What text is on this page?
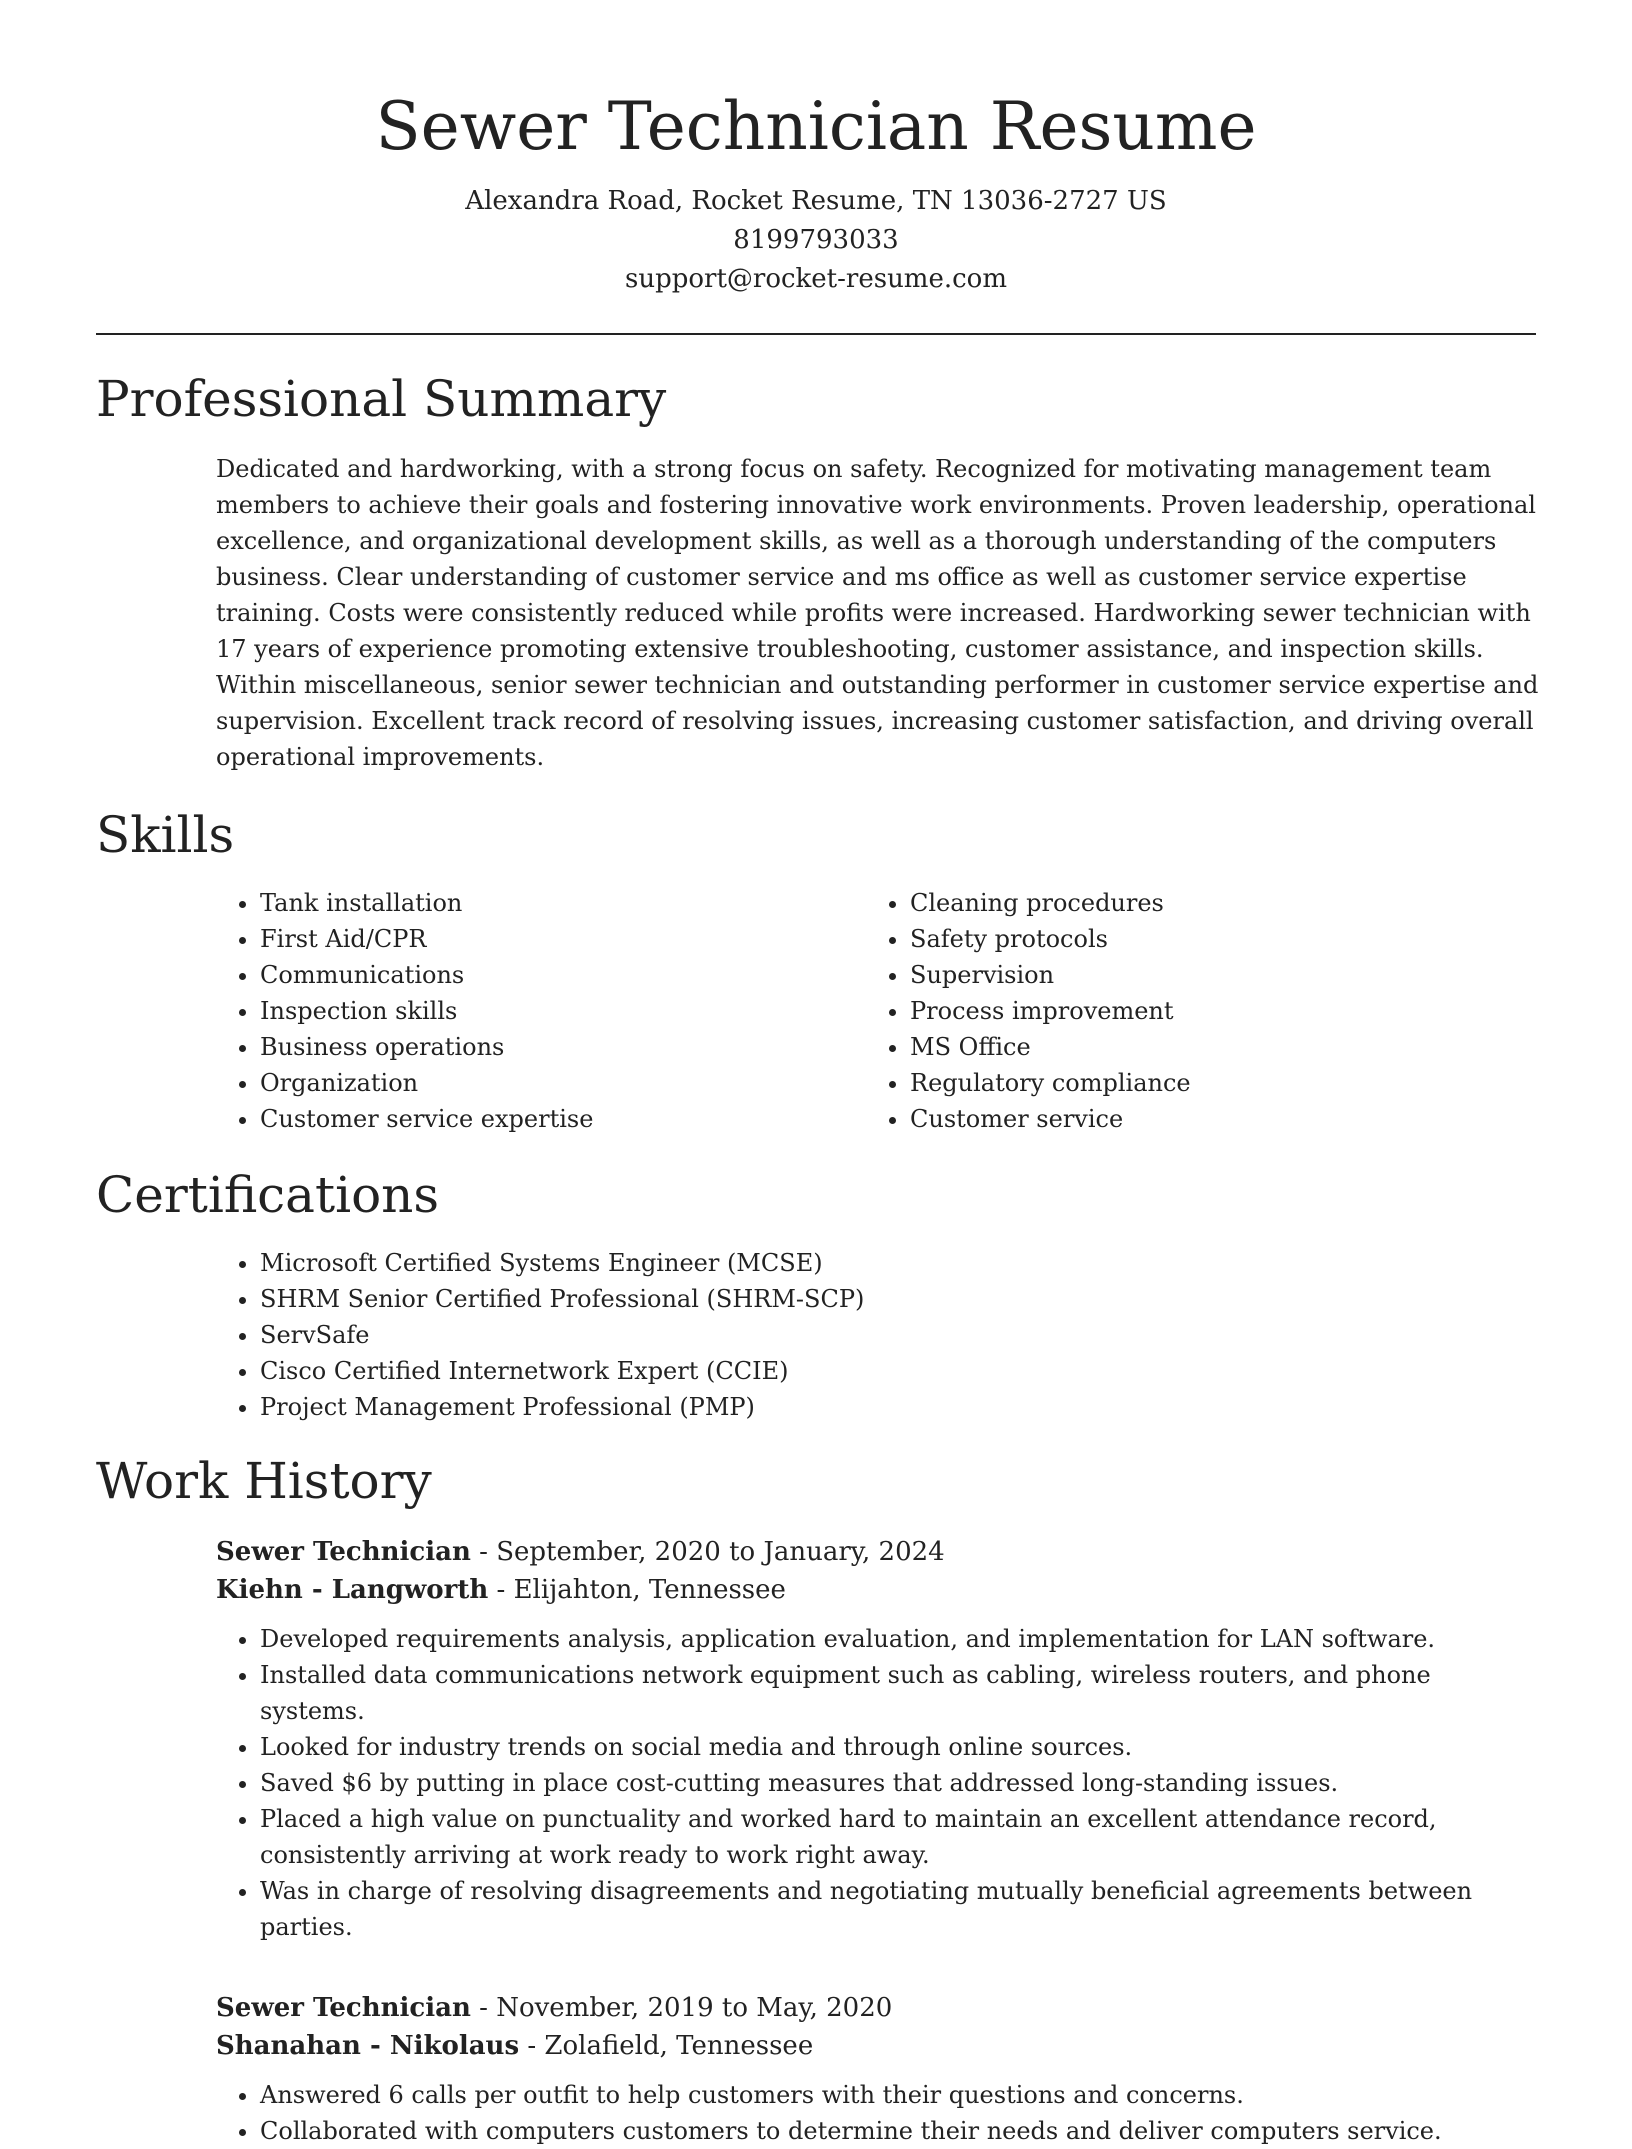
Sewer Technician Resume
Alexandra Road, Rocket Resume, TN 13036-2727 US
8199793033
support@rocket-resume.com
Professional Summary

Dedicated and hardworking, with a strong focus on safety. Recognized for motivating management team members to achieve their goals and fostering innovative work environments. Proven leadership, operational excellence, and organizational development skills, as well as a thorough understanding of the computers business. Clear understanding of customer service and ms office as well as customer service expertise training. Costs were consistently reduced while profits were increased. Hardworking sewer technician with 17 years of experience promoting extensive troubleshooting, customer assistance, and inspection skills. Within miscellaneous, senior sewer technician and outstanding performer in customer service expertise and supervision. Excellent track record of resolving issues, increasing customer satisfaction, and driving overall operational improvements.

Skills
• Tank installation
• First Aid/CPR
• Communications
• Inspection skills
• Business operations
• Organization
• Customer service expertise
• Cleaning procedures
• Safety protocols
• Supervision
• Process improvement
• MS Office
• Regulatory compliance
• Customer service
Certifications
• Microsoft Certified Systems Engineer (MCSE)
• SHRM Senior Certified Professional (SHRM-SCP)
• ServSafe
• Cisco Certified Internetwork Expert (CCIE)
• Project Management Professional (PMP)
Work History
Sewer Technician - September, 2020 to January, 2024
Kiehn - Langworth - Elijahton, Tennessee
• Developed requirements analysis, application evaluation, and implementation for LAN software.
• Installed data communications network equipment such as cabling, wireless routers, and phone systems.
• Looked for industry trends on social media and through online sources.
• Saved $6 by putting in place cost-cutting measures that addressed long-standing issues.
• Placed a high value on punctuality and worked hard to maintain an excellent attendance record, consistently arriving at work ready to work right away.
• Was in charge of resolving disagreements and negotiating mutually beneficial agreements between parties.
Sewer Technician - November, 2019 to May, 2020
Shanahan - Nikolaus - Zolafield, Tennessee
• Answered 6 calls per outfit to help customers with their questions and concerns.
• Collaborated with computers customers to determine their needs and deliver computers service.
